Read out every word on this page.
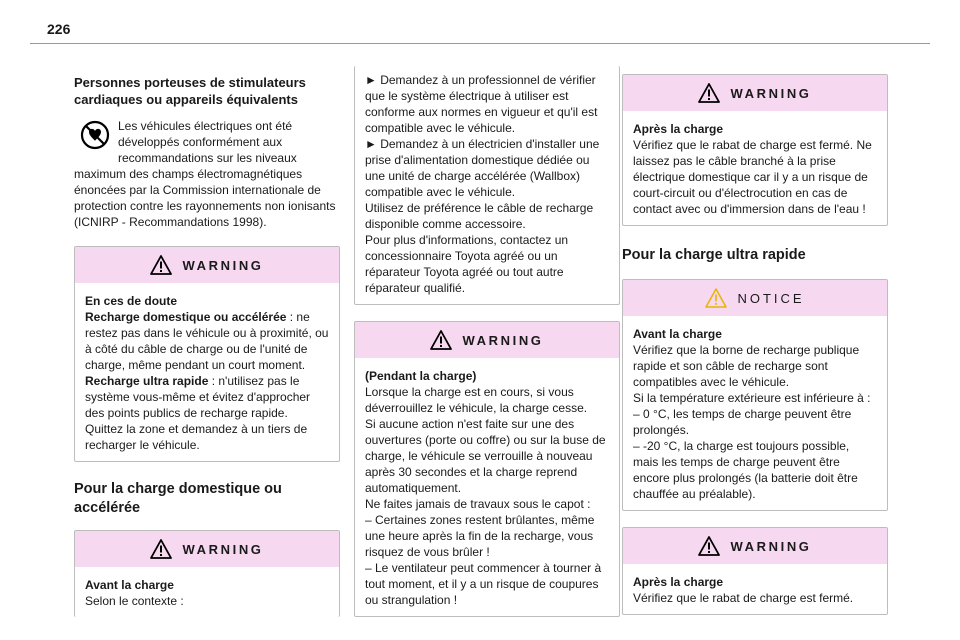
226
Personnes porteuses de stimulateurs cardiaques ou appareils équivalents
Les véhicules électriques ont été développés conformément aux recommandations sur les niveaux maximum des champs électromagnétiques énoncées par la Commission internationale de protection contre les rayonnements non ionisants (ICNIRP - Recommandations 1998).
WARNING
En ces de doute
Recharge domestique ou accélérée : ne restez pas dans le véhicule ou à proximité, ou à côté du câble de charge ou de l'unité de charge, même pendant un court moment.
Recharge ultra rapide : n'utilisez pas le système vous-même et évitez d'approcher des points publics de recharge rapide. Quittez la zone et demandez à un tiers de recharger le véhicule.
Pour la charge domestique ou accélérée
WARNING
Avant la charge
Selon le contexte :
► Demandez à un professionnel de vérifier que le système électrique à utiliser est conforme aux normes en vigueur et qu'il est compatible avec le véhicule.
► Demandez à un électricien d'installer une prise d'alimentation domestique dédiée ou une unité de charge accélérée (Wallbox) compatible avec le véhicule.
Utilisez de préférence le câble de recharge disponible comme accessoire.
Pour plus d'informations, contactez un concessionnaire Toyota agréé ou un réparateur Toyota agréé ou tout autre réparateur qualifié.
WARNING
(Pendant la charge)
Lorsque la charge est en cours, si vous déverrouillez le véhicule, la charge cesse.
Si aucune action n'est faite sur une des ouvertures (porte ou coffre) ou sur la buse de charge, le véhicule se verrouille à nouveau après 30 secondes et la charge reprend automatiquement.
Ne faites jamais de travaux sous le capot :
– Certaines zones restent brûlantes, même une heure après la fin de la recharge, vous risquez de vous brûler !
– Le ventilateur peut commencer à tourner à tout moment, et il y a un risque de coupures ou strangulation !
WARNING
Après la charge
Vérifiez que le rabat de charge est fermé. Ne laissez pas le câble branché à la prise électrique domestique car il y a un risque de court-circuit ou d'électrocution en cas de contact avec ou d'immersion dans de l'eau !
Pour la charge ultra rapide
NOTICE
Avant la charge
Vérifiez que la borne de recharge publique rapide et son câble de recharge sont compatibles avec le véhicule.
Si la température extérieure est inférieure à :
– 0 °C, les temps de charge peuvent être prolongés.
– -20 °C, la charge est toujours possible, mais les temps de charge peuvent être encore plus prolongés (la batterie doit être chauffée au préalable).
WARNING
Après la charge
Vérifiez que le rabat de charge est fermé.
